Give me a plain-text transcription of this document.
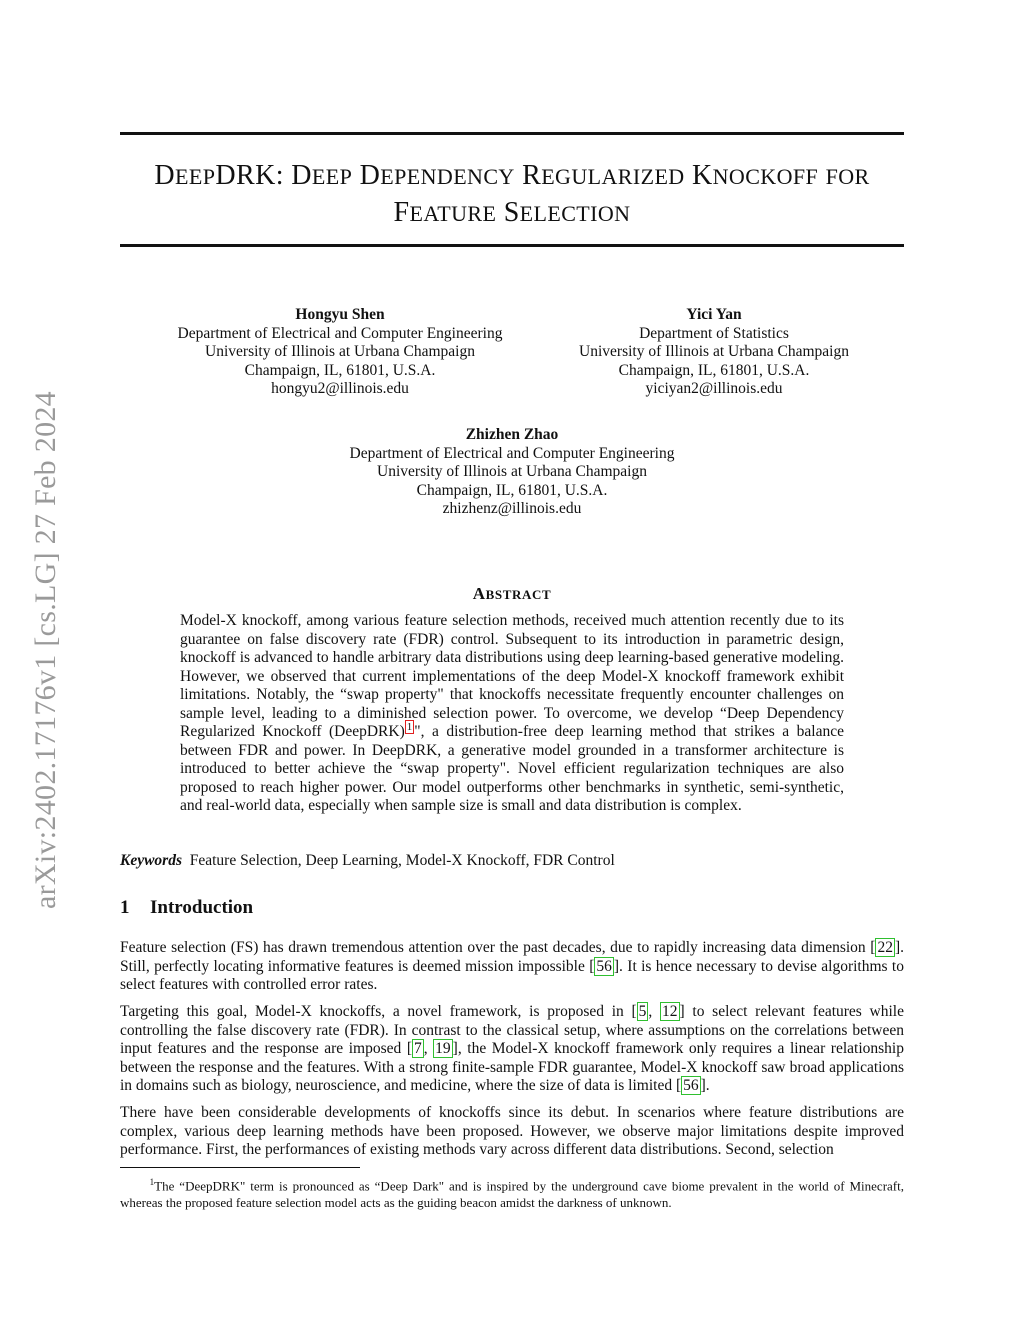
arXiv:2402.17176v1 [cs.LG] 27 Feb 2024
DEEPDRK: DEEP DEPENDENCY REGULARIZED KNOCKOFF FOR
FEATURE SELECTION
Hongyu Shen
Department of Electrical and Computer Engineering
University of Illinois at Urbana Champaign
Champaign, IL, 61801, U.S.A.
hongyu2@illinois.edu
Yici Yan
Department of Statistics
University of Illinois at Urbana Champaign
Champaign, IL, 61801, U.S.A.
yiciyan2@illinois.edu
Zhizhen Zhao
Department of Electrical and Computer Engineering
University of Illinois at Urbana Champaign
Champaign, IL, 61801, U.S.A.
zhizhenz@illinois.edu
ABSTRACT
Model-X knockoff, among various feature selection methods, received much attention recently due to its guarantee on false discovery rate (FDR) control. Subsequent to its introduction in parametric design, knockoff is advanced to handle arbitrary data distributions using deep learning-based generative modeling. However, we observed that current implementations of the deep Model-X knockoff framework exhibit limitations. Notably, the “swap property" that knockoffs necessitate frequently encounter challenges on sample level, leading to a diminished selection power. To overcome, we develop “Deep Dependency Regularized Knockoff (DeepDRK) $^1$ ", a distribution-free deep learning method that strikes a balance between FDR and power. In DeepDRK, a generative model grounded in a transformer architecture is introduced to better achieve the “swap property". Novel efficient regularization techniques are also proposed to reach higher power. Our model outperforms other benchmarks in synthetic, semi-synthetic, and real-world data, especially when sample size is small and data distribution is complex.
Keywords Feature Selection, Deep Learning, Model-X Knockoff, FDR Control
1 Introduction
Feature selection (FS) has drawn tremendous attention over the past decades, due to rapidly increasing data dimension [ 22 ]. Still, perfectly locating informative features is deemed mission impossible [ 56 ]. It is hence necessary to devise algorithms to select features with controlled error rates.
Targeting this goal, Model-X knockoffs, a novel framework, is proposed in [ 5 , 12 ] to select relevant features while controlling the false discovery rate (FDR). In contrast to the classical setup, where assumptions on the correlations between input features and the response are imposed [ 7 , 19 ], the Model-X knockoff framework only requires a linear relationship between the response and the features. With a strong finite-sample FDR guarantee, Model-X knockoff saw broad applications in domains such as biology, neuroscience, and medicine, where the size of data is limited [ 56 ].
There have been considerable developments of knockoffs since its debut. In scenarios where feature distributions are complex, various deep learning methods have been proposed. However, we observe major limitations despite improved performance. First, the performances of existing methods vary across different data distributions. Second, selection
$^1$The “DeepDRK" term is pronounced as “Deep Dark" and is inspired by the underground cave biome prevalent in the world of Minecraft, whereas the proposed feature selection model acts as the guiding beacon amidst the darkness of unknown.
